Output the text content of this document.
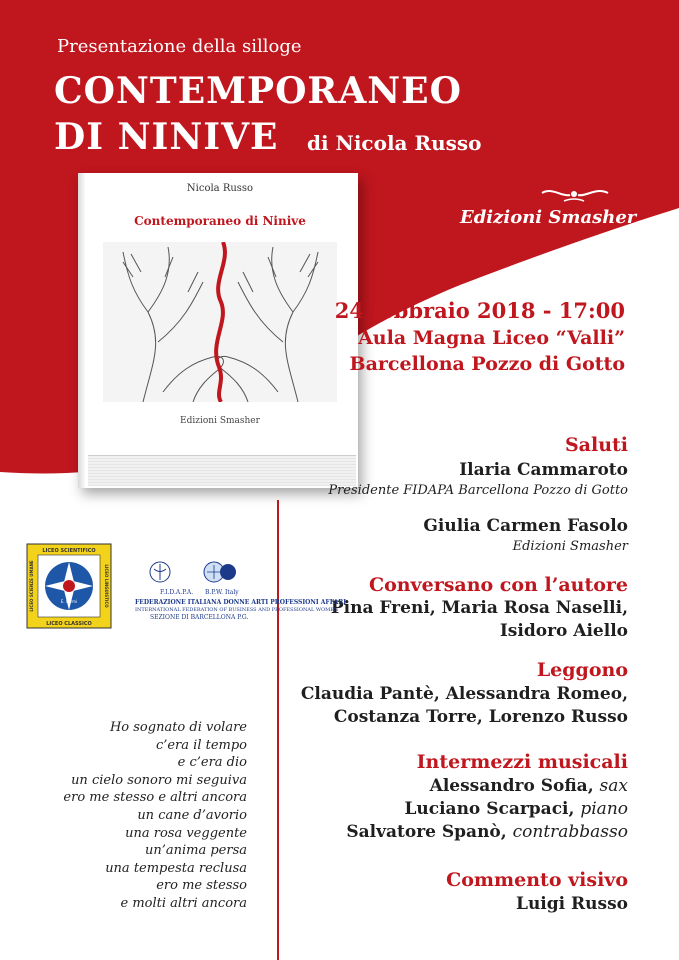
Presentazione della silloge
CONTEMPORANEO
DI NINIVE di Nicola Russo
Edizioni Smasher
Nicola Russo
Contemporaneo di Ninive
Edizioni Smasher
24 febbraio 2018 - 17:00
Aula Magna Liceo “Valli”
Barcellona Pozzo di Gotto
Saluti
Ilaria Cammaroto
Presidente FIDAPA Barcellona Pozzo di Gotto
Giulia Carmen Fasolo
Edizioni Smasher
Conversano con l’autore
Pina Freni, Maria Rosa Naselli,
Isidoro Aiello
Leggono
Claudia Pantè, Alessandra Romeo,
Costanza Torre, Lorenzo Russo
Intermezzi musicali
Alessandro Sofia, sax
Luciano Scarpaci, piano
Salvatore Spanò, contrabbasso
Commento visivo
Luigi Russo
LICEO SCIENTIFICO
LICEO CLASSICO
LICEO SCIENZE UMANE	LICEO LINGUISTICO
E. Fermi
F.I.D.A.P.A. B.P.W. Italy
FEDERAZIONE ITALIANA DONNE ARTI PROFESSIONI AFFARI
INTERNATIONAL FEDERATION OF BUSINESS AND PROFESSIONAL WOMEN
SEZIONE DI BARCELLONA P.G.
Ho sognato di volare
c’era il tempo
e c’era dio
un cielo sonoro mi seguiva
ero me stesso e altri ancora
un cane d’avorio
una rosa veggente
un’anima persa
una tempesta reclusa
ero me stesso
e molti altri ancora
